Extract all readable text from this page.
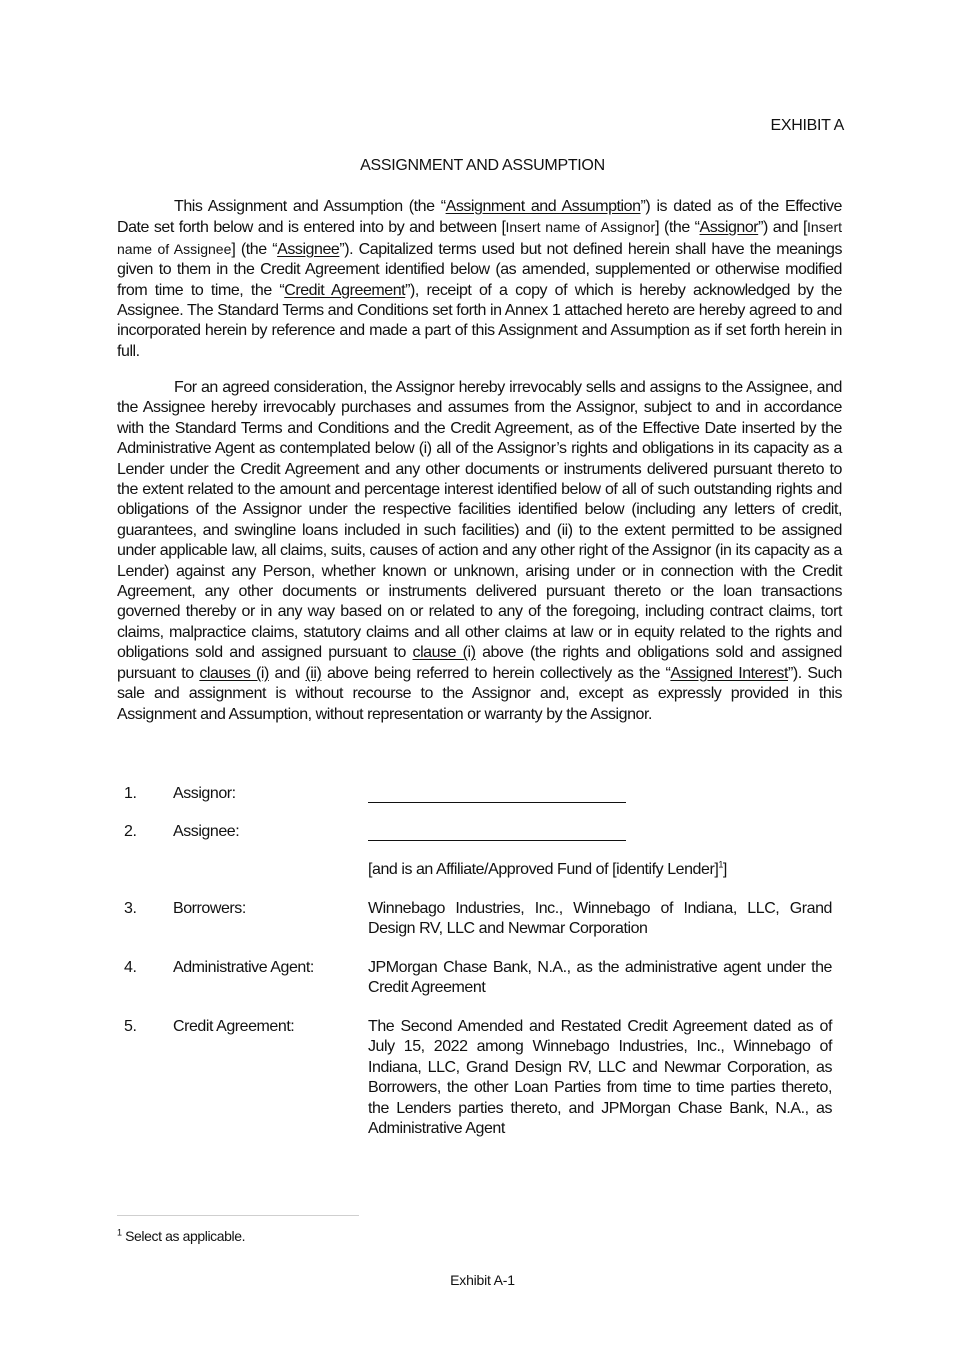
EXHIBIT A
ASSIGNMENT AND ASSUMPTION

This Assignment and Assumption (the “Assignment and Assumption”) is dated as of the Effective Date set forth below and is entered into by and between [Insert name of Assignor] (the “Assignor”) and [Insert name of Assignee] (the “Assignee”). Capitalized terms used but not defined herein shall have the meanings given to them in the Credit Agreement identified below (as amended, supplemented or otherwise modified from time to time, the “Credit Agreement”), receipt of a copy of which is hereby acknowledged by the Assignee. The Standard Terms and Conditions set forth in Annex 1 attached hereto are hereby agreed to and incorporated herein by reference and made a part of this Assignment and Assumption as if set forth herein in full.

For an agreed consideration, the Assignor hereby irrevocably sells and assigns to the Assignee, and the Assignee hereby irrevocably purchases and assumes from the Assignor, subject to and in accordance with the Standard Terms and Conditions and the Credit Agreement, as of the Effective Date inserted by the Administrative Agent as contemplated below (i) all of the Assignor’s rights and obligations in its capacity as a Lender under the Credit Agreement and any other documents or instruments delivered pursuant thereto to the extent related to the amount and percentage interest identified below of all of such outstanding rights and obligations of the Assignor under the respective facilities identified below (including any letters of credit, guarantees, and swingline loans included in such facilities) and (ii) to the extent permitted to be assigned under applicable law, all claims, suits, causes of action and any other right of the Assignor (in its capacity as a Lender) against any Person, whether known or unknown, arising under or in connection with the Credit Agreement, any other documents or instruments delivered pursuant thereto or the loan transactions governed thereby or in any way based on or related to any of the foregoing, including contract claims, tort claims, malpractice claims, statutory claims and all other claims at law or in equity related to the rights and obligations sold and assigned pursuant to clause (i) above (the rights and obligations sold and assigned pursuant to clauses (i) and (ii) above being referred to herein collectively as the “Assigned Interest”). Such sale and assignment is without recourse to the Assignor and, except as expressly provided in this Assignment and Assumption, without representation or warranty by the Assignor.

1.	Assignor:
2.	Assignee:
[and is an Affiliate/Approved Fund of [identify Lender]$^1$]
3.	Borrowers:	Winnebago Industries, Inc., Winnebago of Indiana, LLC, Grand Design RV, LLC and Newmar Corporation
4.	Administrative Agent:	JPMorgan Chase Bank, N.A., as the administrative agent under the Credit Agreement
5.	Credit Agreement:	The Second Amended and Restated Credit Agreement dated as of July 15, 2022 among Winnebago Industries, Inc., Winnebago of Indiana, LLC, Grand Design RV, LLC and Newmar Corporation, as Borrowers, the other Loan Parties from time to time parties thereto, the Lenders parties thereto, and JPMorgan Chase Bank, N.A., as Administrative Agent
$^1$ Select as applicable.
Exhibit A-1
